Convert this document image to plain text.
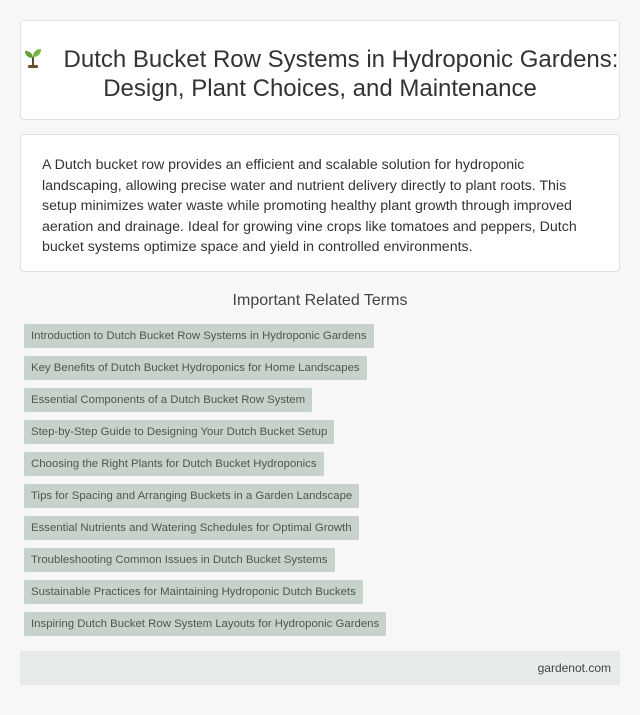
Dutch Bucket Row Systems in Hydroponic Gardens: Design, Plant Choices, and Maintenance

A Dutch bucket row provides an efficient and scalable solution for hydroponic landscaping, allowing precise water and nutrient delivery directly to plant roots. This setup minimizes water waste while promoting healthy plant growth through improved aeration and drainage. Ideal for growing vine crops like tomatoes and peppers, Dutch bucket systems optimize space and yield in controlled environments.

Important Related Terms
Introduction to Dutch Bucket Row Systems in Hydroponic Gardens
Key Benefits of Dutch Bucket Hydroponics for Home Landscapes
Essential Components of a Dutch Bucket Row System
Step-by-Step Guide to Designing Your Dutch Bucket Setup
Choosing the Right Plants for Dutch Bucket Hydroponics
Tips for Spacing and Arranging Buckets in a Garden Landscape
Essential Nutrients and Watering Schedules for Optimal Growth
Troubleshooting Common Issues in Dutch Bucket Systems
Sustainable Practices for Maintaining Hydroponic Dutch Buckets
Inspiring Dutch Bucket Row System Layouts for Hydroponic Gardens
gardenot.com
